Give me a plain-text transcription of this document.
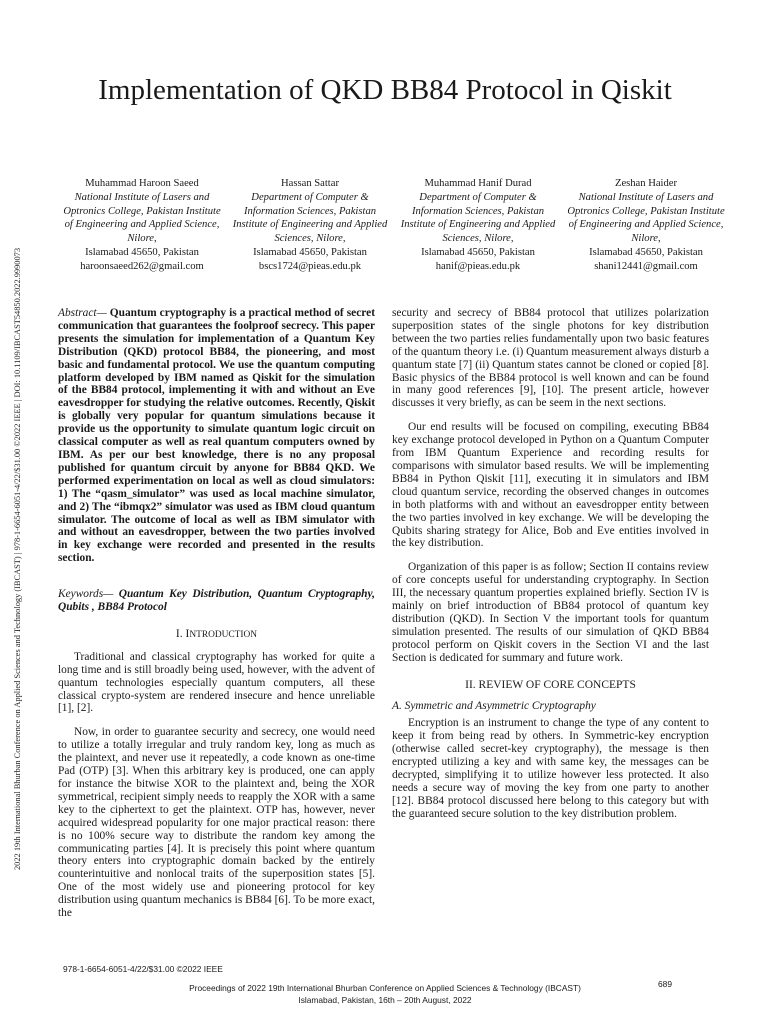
2022 19th International Bhurban Conference on Applied Sciences and Technology (IBCAST) | 978-1-6654-6051-4/22/$31.00 ©2022 IEEE | DOI: 10.1109/IBCAST54850.2022.9990073
Implementation of QKD BB84 Protocol in Qiskit
Muhammad Haroon Saeed
National Institute of Lasers and Optronics College, Pakistan Institute of Engineering and Applied Science, Nilore,
Islamabad 45650, Pakistan
haroonsaeed262@gmail.com
Hassan Sattar
Department of Computer & Information Sciences, Pakistan Institute of Engineering and Applied Sciences, Nilore,
Islamabad 45650, Pakistan
bscs1724@pieas.edu.pk
Muhammad Hanif Durad
Department of Computer & Information Sciences, Pakistan Institute of Engineering and Applied Sciences, Nilore,
Islamabad 45650, Pakistan
hanif@pieas.edu.pk
Zeshan Haider
National Institute of Lasers and Optronics College, Pakistan Institute of Engineering and Applied Science, Nilore,
Islamabad 45650, Pakistan
shani12441@gmail.com

Abstract— Quantum cryptography is a practical method of secret communication that guarantees the foolproof secrecy. This paper presents the simulation for implementation of a Quantum Key Distribution (QKD) protocol BB84, the pioneering, and most basic and fundamental protocol. We use the quantum computing platform developed by IBM named as Qiskit for the simulation of the BB84 protocol, implementing it with and without an Eve eavesdropper for studying the relative outcomes. Recently, Qiskit is globally very popular for quantum simulations because it provide us the opportunity to simulate quantum logic circuit on classical computer as well as real quantum computers owned by IBM. As per our best knowledge, there is no any proposal published for quantum circuit by anyone for BB84 QKD. We performed experimentation on local as well as cloud simulators: 1) The “qasm_simulator” was used as local machine simulator, and 2) The “ibmqx2” simulator was used as IBM cloud quantum simulator. The outcome of local as well as IBM simulator with and without an eavesdropper, between the two parties involved in key exchange were recorded and presented in the results section.

Keywords— Quantum Key Distribution, Quantum Cryptography, Qubits , BB84 Protocol

I. INTRODUCTION

Traditional and classical cryptography has worked for quite a long time and is still broadly being used, however, with the advent of quantum technologies especially quantum computers, all these classical crypto-system are rendered insecure and hence unreliable [1], [2].

Now, in order to guarantee security and secrecy, one would need to utilize a totally irregular and truly random key, long as much as the plaintext, and never use it repeatedly, a code known as one-time Pad (OTP) [3]. When this arbitrary key is produced, one can apply for instance the bitwise XOR to the plaintext and, being the XOR symmetrical, recipient simply needs to reapply the XOR with a same key to the ciphertext to get the plaintext. OTP has, however, never acquired widespread popularity for one major practical reason: there is no 100% secure way to distribute the random key among the communicating parties [4]. It is precisely this point where quantum theory enters into cryptographic domain backed by the entirely counterintuitive and nonlocal traits of the superposition states [5]. One of the most widely use and pioneering protocol for key distribution using quantum mechanics is BB84 [6]. To be more exact, the

security and secrecy of BB84 protocol that utilizes polarization superposition states of the single photons for key distribution between the two parties relies fundamentally upon two basic features of the quantum theory i.e. (i) Quantum measurement always disturb a quantum state [7] (ii) Quantum states cannot be cloned or copied [8]. Basic physics of the BB84 protocol is well known and can be found in many good references [9], [10]. The present article, however discusses it very briefly, as can be seem in the next sections.

Our end results will be focused on compiling, executing BB84 key exchange protocol developed in Python on a Quantum Computer from IBM Quantum Experience and recording results for comparisons with simulator based results. We will be implementing BB84 in Python Qiskit [11], executing it in simulators and IBM cloud quantum service, recording the observed changes in outcomes in both platforms with and without an eavesdropper entity between the two parties involved in key exchange. We will be developing the Qubits sharing strategy for Alice, Bob and Eve entities involved in the key distribution.

Organization of this paper is as follow; Section II contains review of core concepts useful for understanding cryptography. In Section III, the necessary quantum properties explained briefly. Section IV is mainly on brief introduction of BB84 protocol of quantum key distribution (QKD). In Section V the important tools for quantum simulation presented. The results of our simulation of QKD BB84 protocol perform on Qiskit covers in the Section VI and the last Section is dedicated for summary and future work.

II. REVIEW OF CORE CONCEPTS
A. Symmetric and Asymmetric Cryptography

Encryption is an instrument to change the type of any content to keep it from being read by others. In Symmetric-key encryption (otherwise called secret-key cryptography), the message is then encrypted utilizing a key and with same key, the messages can be decrypted, simplifying it to utilize however less protected. It also needs a secure way of moving the key from one party to another [12]. BB84 protocol discussed here belong to this category but with the guaranteed secure solution to the key distribution problem.

978-1-6654-6051-4/22/$31.00 ©2022 IEEE
Proceedings of 2022 19th International Bhurban Conference on Applied Sciences & Technology (IBCAST)
Islamabad, Pakistan, 16th – 20th August, 2022
689
